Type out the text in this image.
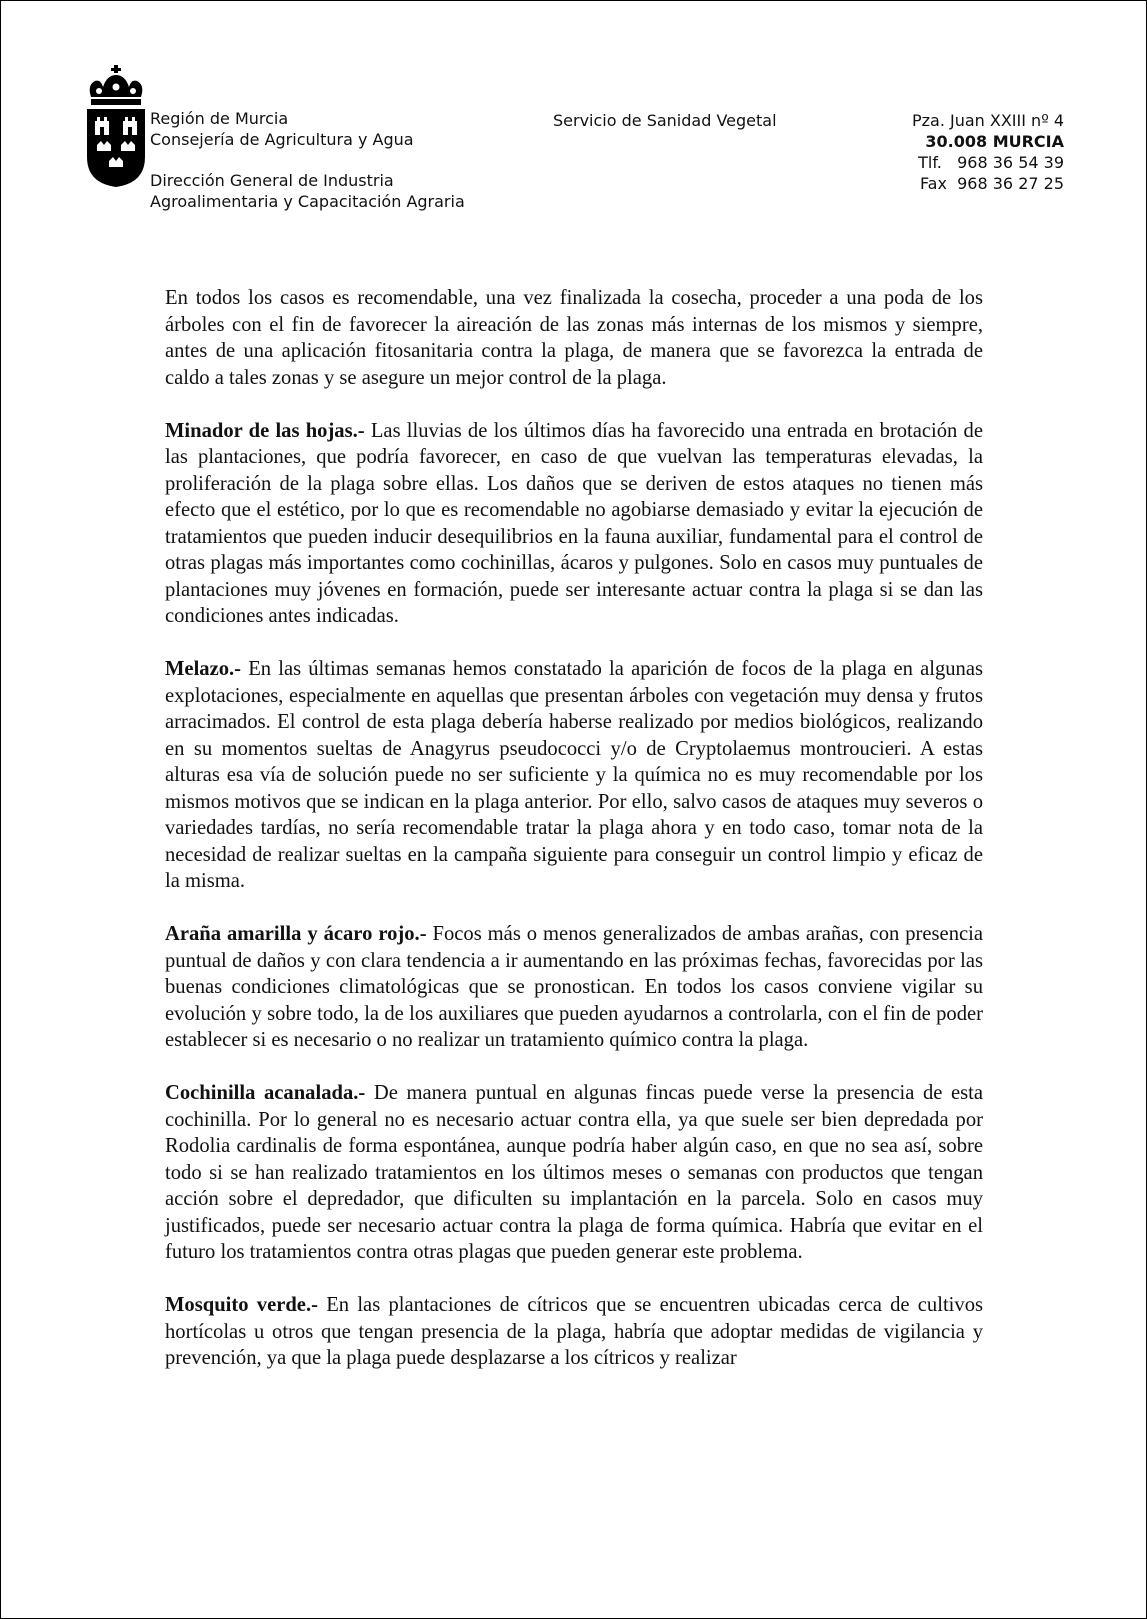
Región de Murcia
Consejería de Agricultura y Agua
Dirección General de Industria
Agroalimentaria y Capacitación Agraria
Servicio de Sanidad Vegetal	Pza. Juan XXIII nº 4
30.008 MURCIA
Tlf.   968 36 54 39
Fax  968 36 27 25

En todos los casos es recomendable, una vez finalizada la cosecha, proceder a una poda de los árboles con el fin de favorecer la aireación de las zonas más internas de los mismos y siempre, antes de una aplicación fitosanitaria contra la plaga, de manera que se favorezca la entrada de caldo a tales zonas y se asegure un mejor control de la plaga.

Minador de las hojas.- Las lluvias de los últimos días ha favorecido una entrada en brotación de las plantaciones, que podría favorecer, en caso de que vuelvan las temperaturas elevadas, la proliferación de la plaga sobre ellas. Los daños que se deriven de estos ataques no tienen más efecto que el estético, por lo que es recomendable no agobiarse demasiado y evitar la ejecución de tratamientos que pueden inducir desequilibrios en la fauna auxiliar, fundamental para el control de otras plagas más importantes como cochinillas, ácaros y pulgones. Solo en casos muy puntuales de plantaciones muy jóvenes en formación, puede ser interesante actuar contra la plaga si se dan las condiciones antes indicadas.

Melazo.- En las últimas semanas hemos constatado la aparición de focos de la plaga en algunas explotaciones, especialmente en aquellas que presentan árboles con vegetación muy densa y frutos arracimados. El control de esta plaga debería haberse realizado por medios biológicos, realizando en su momentos sueltas de Anagyrus pseudococci y/o de Cryptolaemus montroucieri. A estas alturas esa vía de solución puede no ser suficiente y la química no es muy recomendable por los mismos motivos que se indican en la plaga anterior. Por ello, salvo casos de ataques muy severos o variedades tardías, no sería recomendable tratar la plaga ahora y en todo caso, tomar nota de la necesidad de realizar sueltas en la campaña siguiente para conseguir un control limpio y eficaz de la misma.

Araña amarilla y ácaro rojo.- Focos más o menos generalizados de ambas arañas, con presencia puntual de daños y con clara tendencia a ir aumentando en las próximas fechas, favorecidas por las buenas condiciones climatológicas que se pronostican. En todos los casos conviene vigilar su evolución y sobre todo, la de los auxiliares que pueden ayudarnos a controlarla, con el fin de poder establecer si es necesario o no realizar un tratamiento químico contra la plaga.

Cochinilla acanalada.- De manera puntual en algunas fincas puede verse la presencia de esta cochinilla. Por lo general no es necesario actuar contra ella, ya que suele ser bien depredada por Rodolia cardinalis de forma espontánea, aunque podría haber algún caso, en que no sea así, sobre todo si se han realizado tratamientos en los últimos meses o semanas con productos que tengan acción sobre el depredador, que dificulten su implantación en la parcela. Solo en casos muy justificados, puede ser necesario actuar contra la plaga de forma química. Habría que evitar en el futuro los tratamientos contra otras plagas que pueden generar este problema.

Mosquito verde.- En las plantaciones de cítricos que se encuentren ubicadas cerca de cultivos hortícolas u otros que tengan presencia de la plaga, habría que adoptar medidas de vigilancia y prevención, ya que la plaga puede desplazarse a los cítricos y realizar
